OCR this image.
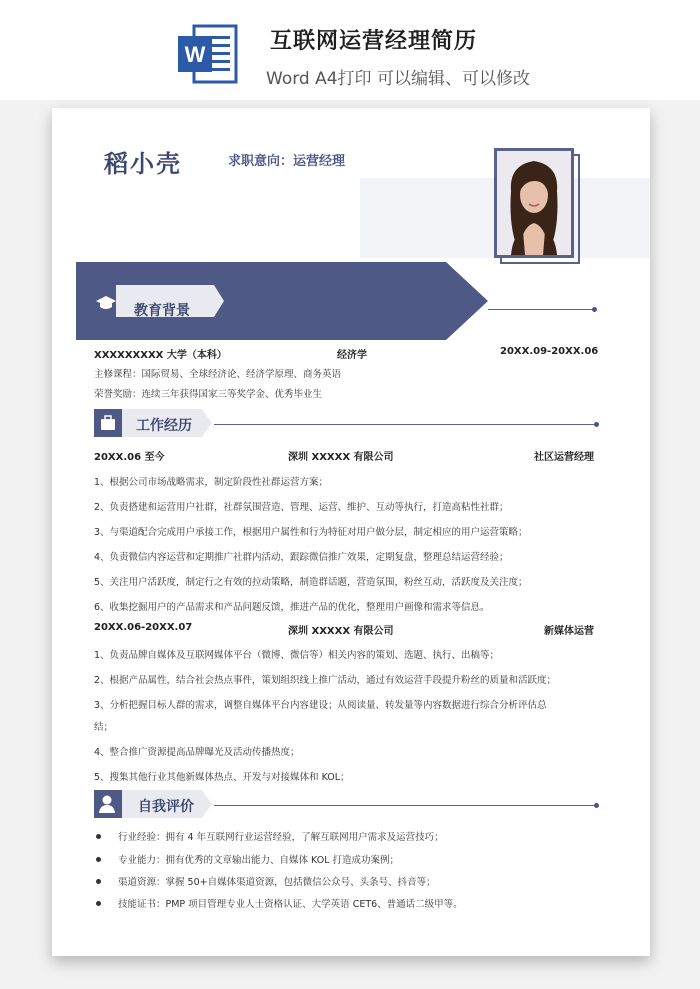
W
互联网运营经理简历
Word A4打印 可以编辑、可以修改
稻小壳	求职意向：运营经理
教育背景
XXXXXXXXX 大学（本科）	经济学	20XX.09-20XX.06
主修课程：国际贸易、全球经济论、经济学原理、商务英语
荣誉奖励：连续三年获得国家三等奖学金、优秀毕业生
工作经历
20XX.06 至今	深圳 XXXXX 有限公司	社区运营经理
1、根据公司市场战略需求，制定阶段性社群运营方案；
2、负责搭建和运营用户社群，社群氛围营造、管理、运营、维护、互动等执行，打造高粘性社群；
3、与渠道配合完成用户承接工作，根据用户属性和行为特征对用户做分层，制定相应的用户运营策略；
4、负责微信内容运营和定期推广社群内活动，跟踪微信推广效果，定期复盘，整理总结运营经验；
5、关注用户活跃度，制定行之有效的拉动策略，制造群话题，营造氛围，粉丝互动，活跃度及关注度；
6、收集挖掘用户的产品需求和产品问题反馈，推进产品的优化，整理用户画像和需求等信息。
20XX.06-20XX.07	深圳 XXXXX 有限公司	新媒体运营
1、负责品牌自媒体及互联网媒体平台（微博、微信等）相关内容的策划、选题、执行、出稿等；
2、根据产品属性，结合社会热点事件，策划组织线上推广活动，通过有效运营手段提升粉丝的质量和活跃度；
3、分析把握目标人群的需求，调整自媒体平台内容建设；从阅读量、转发量等内容数据进行综合分析评估总
结；
4、整合推广资源提高品牌曝光及活动传播热度；
5、搜集其他行业其他新媒体热点、开发与对接媒体和 KOL；
自我评价
行业经验：拥有 4 年互联网行业运营经验，了解互联网用户需求及运营技巧；
专业能力：拥有优秀的文章输出能力、自媒体 KOL 打造成功案例；
渠道资源：掌握 50+自媒体渠道资源，包括微信公众号、头条号、抖音等；
技能证书：PMP 项目管理专业人士资格认证、大学英语 CET6、普通话二级甲等。
